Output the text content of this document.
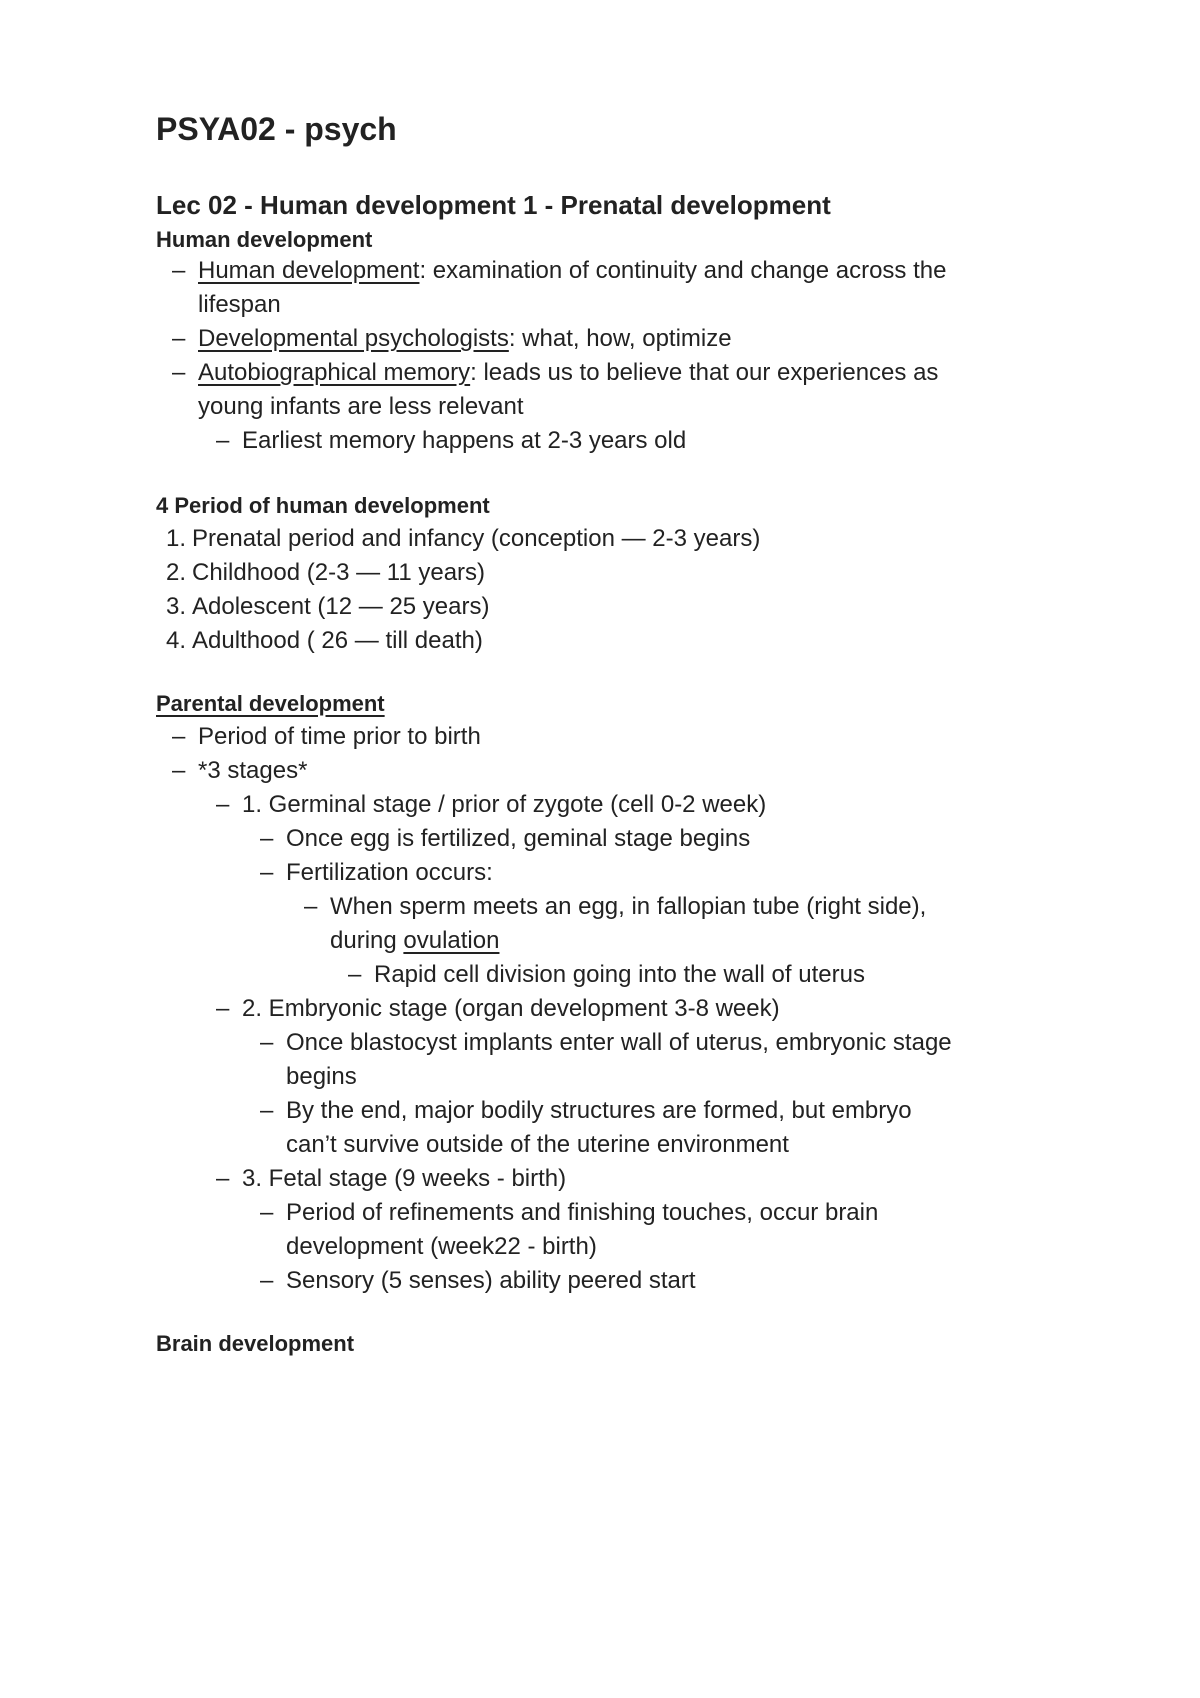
PSYA02 - psych
Lec 02 - Human development 1 - Prenatal development
Human development
– Human development: examination of continuity and change across the
lifespan
– Developmental psychologists: what, how, optimize
– Autobiographical memory: leads us to believe that our experiences as
young infants are less relevant
– Earliest memory happens at 2-3 years old
4 Period of human development
1. Prenatal period and infancy (conception — 2-3 years)
2. Childhood (2-3 — 11 years)
3. Adolescent (12 — 25 years)
4. Adulthood ( 26 — till death)
Parental development
– Period of time prior to birth
– *3 stages*
– 1. Germinal stage / prior of zygote (cell 0-2 week)
– Once egg is fertilized, geminal stage begins
– Fertilization occurs:
– When sperm meets an egg, in fallopian tube (right side),
during ovulation
– Rapid cell division going into the wall of uterus
– 2. Embryonic stage (organ development 3-8 week)
– Once blastocyst implants enter wall of uterus, embryonic stage
begins
– By the end, major bodily structures are formed, but embryo
can’t survive outside of the uterine environment
– 3. Fetal stage (9 weeks - birth)
– Period of refinements and finishing touches, occur brain
development (week22 - birth)
– Sensory (5 senses) ability peered start
Brain development
